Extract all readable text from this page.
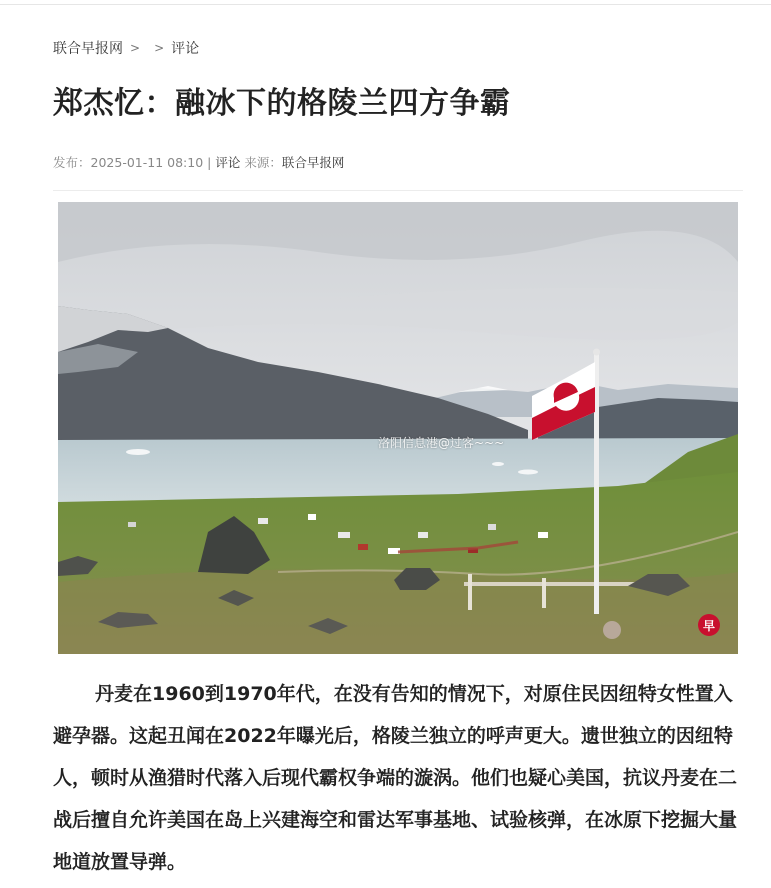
联合早报网 > > 评论
郑杰忆：融冰下的格陵兰四方争霸
发布：2025-01-11 08:10 | 评论 来源：联合早报网
洛阳信息港@过客~~~
早

丹麦在1960到1970年代，在没有告知的情况下，对原住民因纽特女性置入避孕器。这起丑闻在2022年曝光后，格陵兰独立的呼声更大。遗世独立的因纽特人，顿时从渔猎时代落入后现代霸权争端的漩涡。他们也疑心美国，抗议丹麦在二战后擅自允许美国在岛上兴建海空和雷达军事基地、试验核弹，在冰原下挖掘大量地道放置导弹。
